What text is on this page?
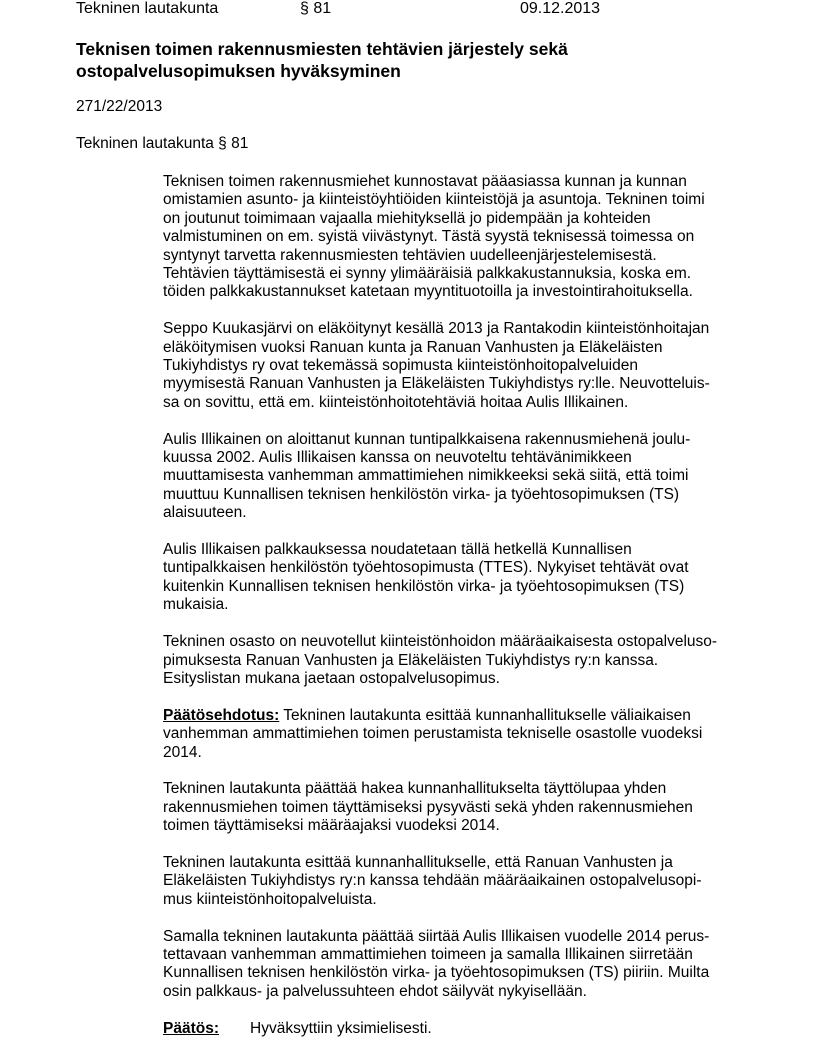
Tekninen lautakunta	§ 81	09.12.2013
Teknisen toimen rakennusmiesten tehtävien järjestely sekä
ostopalvelusopimuksen hyväksyminen
271/22/2013
Tekninen lautakunta § 81

Teknisen toimen rakennusmiehet kunnostavat pääasiassa kunnan ja kunnan
omistamien asunto- ja kiinteistöyhtiöiden kiinteistöjä ja asuntoja. Tekninen toimi
on joutunut toimimaan vajaalla miehityksellä jo pidempään ja kohteiden
valmistuminen on em. syistä viivästynyt. Tästä syystä teknisessä toimessa on
syntynyt tarvetta rakennusmiesten tehtävien uudelleenjärjestelemisestä.
Tehtävien täyttämisestä ei synny ylimääräisiä palkkakustannuksia, koska em.
töiden palkkakustannukset katetaan myyntituotoilla ja investointirahoituksella.

Seppo Kuukasjärvi on eläköitynyt kesällä 2013 ja Rantakodin kiinteistönhoitajan
eläköitymisen vuoksi Ranuan kunta ja Ranuan Vanhusten ja Eläkeläisten
Tukiyhdistys ry ovat tekemässä sopimusta kiinteistönhoitopalveluiden
myymisestä Ranuan Vanhusten ja Eläkeläisten Tukiyhdistys ry:lle. Neuvotteluis-
sa on sovittu, että em. kiinteistönhoitotehtäviä hoitaa Aulis Illikainen.

Aulis Illikainen on aloittanut kunnan tuntipalkkaisena rakennusmiehenä joulu-
kuussa 2002. Aulis Illikaisen kanssa on neuvoteltu tehtävänimikkeen
muuttamisesta vanhemman ammattimiehen nimikkeeksi sekä siitä, että toimi
muuttuu Kunnallisen teknisen henkilöstön virka- ja työehtosopimuksen (TS)
alaisuuteen.

Aulis Illikaisen palkkauksessa noudatetaan tällä hetkellä Kunnallisen
tuntipalkkaisen henkilöstön työehtosopimusta (TTES). Nykyiset tehtävät ovat
kuitenkin Kunnallisen teknisen henkilöstön virka- ja työehtosopimuksen (TS)
mukaisia.

Tekninen osasto on neuvotellut kiinteistönhoidon määräaikaisesta ostopalveluso-
pimuksesta Ranuan Vanhusten ja Eläkeläisten Tukiyhdistys ry:n kanssa.
Esityslistan mukana jaetaan ostopalvelusopimus.

Päätösehdotus: Tekninen lautakunta esittää kunnanhallitukselle väliaikaisen
vanhemman ammattimiehen toimen perustamista tekniselle osastolle vuodeksi
2014.

Tekninen lautakunta päättää hakea kunnanhallitukselta täyttölupaa yhden
rakennusmiehen toimen täyttämiseksi pysyvästi sekä yhden rakennusmiehen
toimen täyttämiseksi määräajaksi vuodeksi 2014.

Tekninen lautakunta esittää kunnanhallitukselle, että Ranuan Vanhusten ja
Eläkeläisten Tukiyhdistys ry:n kanssa tehdään määräaikainen ostopalvelusopi-
mus kiinteistönhoitopalveluista.

Samalla tekninen lautakunta päättää siirtää Aulis Illikaisen vuodelle 2014 perus-
tettavaan vanhemman ammattimiehen toimeen ja samalla Illikainen siirretään
Kunnallisen teknisen henkilöstön virka- ja työehtosopimuksen (TS) piiriin. Muilta
osin palkkaus- ja palvelussuhteen ehdot säilyvät nykyisellään.

Päätös: Hyväksyttiin yksimielisesti.
